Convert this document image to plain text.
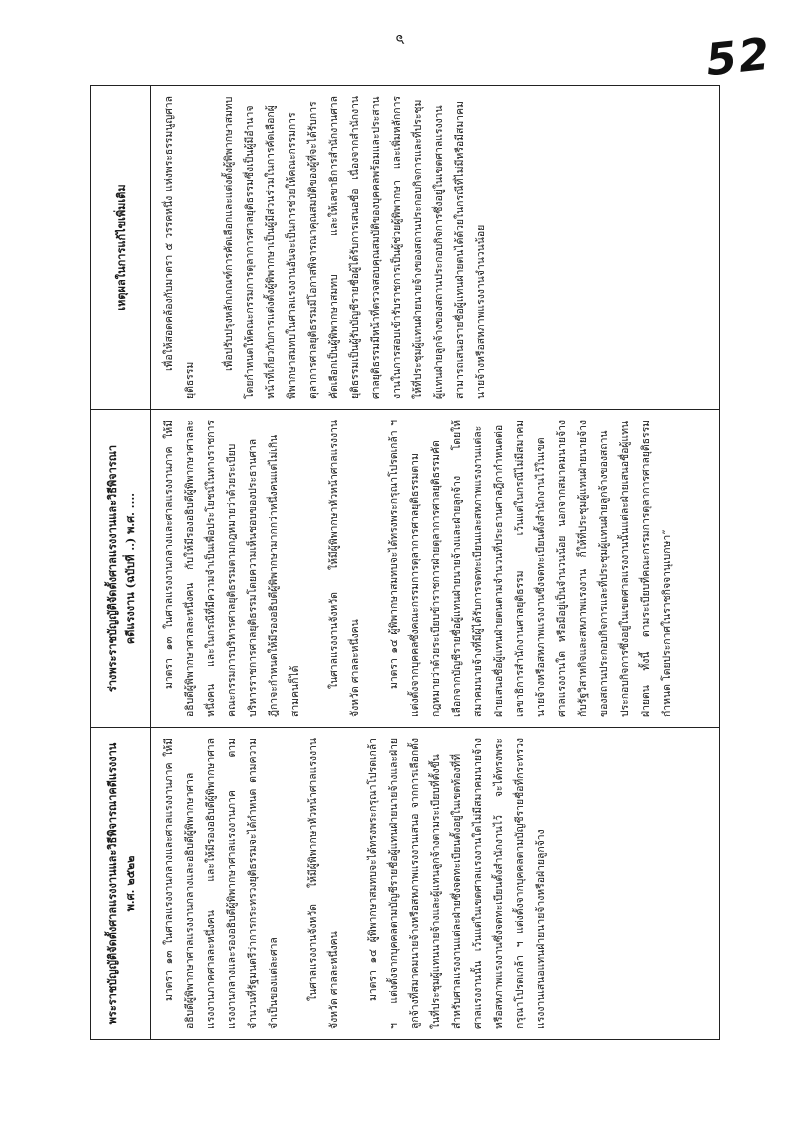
๖	52
พระราชบัญญัติจัดตั้งศาลแรงงานและวิธีพิจารณาคดีแรงงาน พ.ศ. ๒๕๒๒
ร่างพระราชบัญญัติจัดตั้งศาลแรงงานและวิธีพิจารณา คดีแรงงาน (ฉบับที่ ..) พ.ศ. ....
เหตุผลในการแก้ไขเพิ่มเติม

มาตรา ๑๓ ในศาลแรงงานกลางและศาลแรงงานภาค ให้มีอธิบดีผู้พิพากษาศาลแรงงานกลางและอธิบดีผู้พิพากษาศาลแรงงานภาคศาลละหนึ่งคน และให้มีรองอธิบดีผู้พิพากษาศาลแรงงานกลางและรองอธิบดีผู้พิพากษาศาลแรงงานภาค ตามจำนวนที่รัฐมนตรีว่าการกระทรวงยุติธรรมจะได้กำหนด ตามความจำเป็นของแต่ละศาล	ในศาลแรงงานจังหวัด ให้มีผู้พิพากษาหัวหน้าศาลแรงงานจังหวัด ศาลละหนึ่งคน	มาตรา ๑๔ ผู้พิพากษาสมทบจะได้ทรงพระกรุณาโปรดเกล้า ฯ แต่งตั้งจากบุคคลตามบัญชีรายชื่อผู้แทนฝ่ายนายจ้างและฝ่ายลูกจ้างที่สมาคมนายจ้างหรือสหภาพแรงงานเสนอ จากการเลือกตั้งในที่ประชุมผู้แทนนายจ้างและผู้แทนลูกจ้างตามระเบียบที่ตั้งขึ้นสำหรับศาลแรงงานแต่ละฝ่ายซึ่งจดทะเบียนตั้งอยู่ในเขตท้องที่ที่ศาลแรงงานนั้น เว้นแต่ในเขตศาลแรงงานใดไม่มีสมาคมนายจ้างหรือสหภาพแรงงานซึ่งจดทะเบียนตั้งสำนักงานไว้ จะได้ทรงพระกรุณาโปรดเกล้า ฯ แต่งตั้งจากบุคคลตามบัญชีรายชื่อที่กระทรวงแรงงานเสนอแทนฝ่ายนายจ้างหรือฝ่ายลูกจ้าง

มาตรา ๑๓ ในศาลแรงงานกลางและศาลแรงงานภาค ให้มีอธิบดีผู้พิพากษาศาลละหนึ่งคน กับให้มีรองอธิบดีผู้พิพากษาศาลละหนึ่งคน และในกรณีที่มีความจำเป็นเพื่อประโยชน์ในทางราชการ คณะกรรมการบริหารศาลยุติธรรมตามกฎหมายว่าด้วยระเบียบบริหารราชการศาลยุติธรรมโดยความเห็นชอบของประธานศาลฎีกาจะกำหนดให้มีรองอธิบดีผู้พิพากษามากกว่าหนึ่งคนแต่ไม่เกินสามคนก็ได้

ในศาลแรงงานจังหวัด ให้มีผู้พิพากษาหัวหน้าศาลแรงงานจังหวัด ศาลละหนึ่งคน	มาตรา ๑๔ ผู้พิพากษาสมทบจะได้ทรงพระกรุณาโปรดเกล้า ฯ แต่งตั้งจากบุคคลซึ่งคณะกรรมการตุลาการศาลยุติธรรมตามกฎหมายว่าด้วยระเบียบข้าราชการฝ่ายตุลาการศาลยุติธรรมคัดเลือกจากบัญชีรายชื่อผู้แทนฝ่ายนายจ้างและฝ่ายลูกจ้าง โดยให้สมาคมนายจ้างที่มีผู้ได้รับการจดทะเบียนและสหภาพแรงงานแต่ละฝ่ายเสนอชื่อผู้แทนฝ่ายตนตามจำนวนที่ประธานศาลฎีกากำหนดต่อเลขาธิการสำนักงานศาลยุติธรรม เว้นแต่ในกรณีไม่มีสมาคมนายจ้างหรือสหภาพแรงงานซึ่งจดทะเบียนตั้งสำนักงานไว้ในเขตศาลแรงงานใด หรือมีอยู่เป็นจำนวนน้อย นอกจากสมาคมนายจ้างกับรัฐวิสาหกิจและสหภาพแรงงาน ก็ให้ที่ประชุมผู้แทนฝ่ายนายจ้างของสถานประกอบกิจการและที่ประชุมผู้แทนฝ่ายลูกจ้างของสถานประกอบกิจการซึ่งอยู่ในเขตศาลแรงงานนั้นแต่ละฝ่ายเสนอชื่อผู้แทนฝ่ายตน ทั้งนี้ ตามระเบียบที่คณะกรรมการตุลาการศาลยุติธรรมกำหนด โดยประกาศในราชกิจจานุเบกษา”

เพื่อให้สอดคล้องกับมาตรา ๕ วรรคหนึ่ง แห่งพระธรรมนูญศาลยุติธรรม

เพื่อปรับปรุงหลักเกณฑ์การคัดเลือกและแต่งตั้งผู้พิพากษาสมทบ โดยกำหนดให้คณะกรรมการตุลาการศาลยุติธรรมซึ่งเป็นผู้มีอำนาจหน้าที่เกี่ยวกับการแต่งตั้งผู้พิพากษาเป็นผู้มีส่วนร่วมในการคัดเลือกผู้พิพากษาสมทบในศาลแรงงานอันจะเป็นการช่วยให้คณะกรรมการตุลาการศาลยุติธรรมมีโอกาสพิจารณาคุณสมบัติของผู้ที่จะได้รับการคัดเลือกเป็นผู้พิพากษาสมทบ และให้เลขาธิการสำนักงานศาลยุติธรรมเป็นผู้รับบัญชีรายชื่อผู้ได้รับการเสนอชื่อ เนื่องจากสำนักงานศาลยุติธรรมมีหน้าที่ตรวจสอบคุณสมบัติของบุคคลพร้อมและประสานงานในการสอบเข้ารับราชการเป็นผู้ช่วยผู้พิพากษา และเพิ่มหลักการให้ที่ประชุมผู้แทนฝ่ายนายจ้างของสถานประกอบกิจการและที่ประชุมผู้แทนฝ่ายลูกจ้างของสถานประกอบกิจการซึ่งอยู่ในเขตศาลแรงงานสามารถเสนอรายชื่อผู้แทนฝ่ายตนได้ด้วยในกรณีที่ไม่มีหรือมีสมาคมนายจ้างหรือสหภาพแรงงานจำนวนน้อย
